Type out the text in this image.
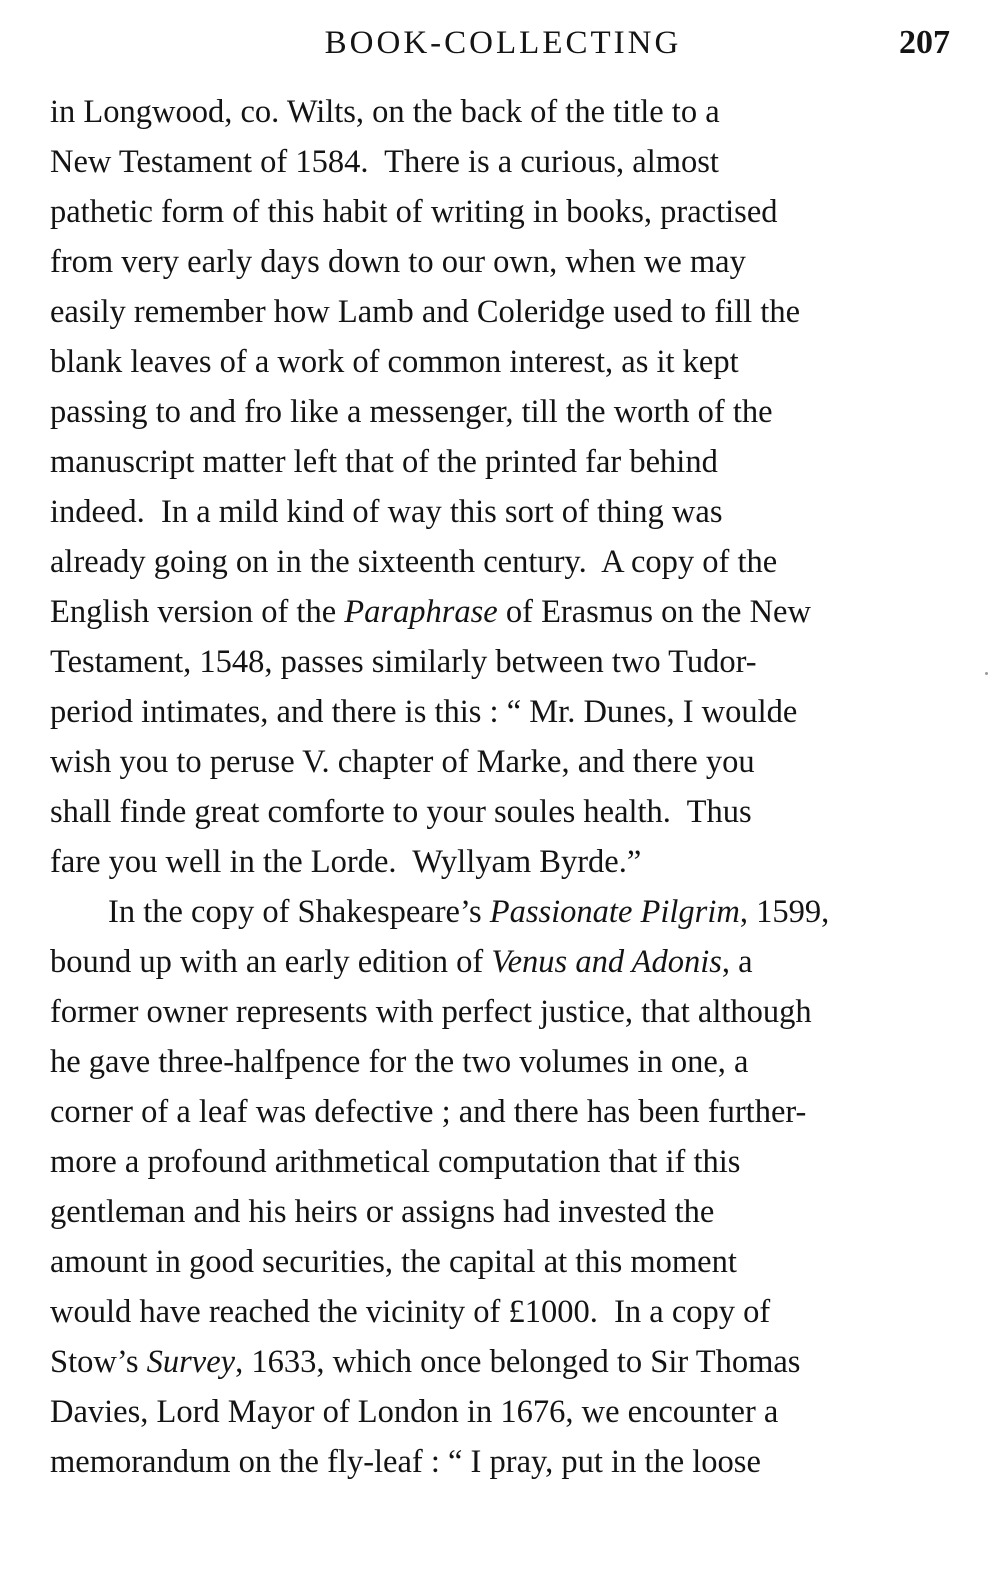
BOOK-COLLECTING	207
in Longwood, co. Wilts, on the back of the title to a
New Testament of 1584.  There is a curious, almost
pathetic form of this habit of writing in books, practised
from very early days down to our own, when we may
easily remember how Lamb and Coleridge used to fill the
blank leaves of a work of common interest, as it kept
passing to and fro like a messenger, till the worth of the
manuscript matter left that of the printed far behind
indeed.  In a mild kind of way this sort of thing was
already going on in the sixteenth century.  A copy of the
English version of the Paraphrase of Erasmus on the New
Testament, 1548, passes similarly between two Tudor-
period intimates, and there is this : “ Mr. Dunes, I woulde
wish you to peruse V. chapter of Marke, and there you
shall finde great comforte to your soules health.  Thus
fare you well in the Lorde.  Wyllyam Byrde.”
In the copy of Shakespeare’s Passionate Pilgrim, 1599,
bound up with an early edition of Venus and Adonis, a
former owner represents with perfect justice, that although
he gave three-halfpence for the two volumes in one, a
corner of a leaf was defective ; and there has been further-
more a profound arithmetical computation that if this
gentleman and his heirs or assigns had invested the
amount in good securities, the capital at this moment
would have reached the vicinity of £1000.  In a copy of
Stow’s Survey, 1633, which once belonged to Sir Thomas
Davies, Lord Mayor of London in 1676, we encounter a
memorandum on the fly-leaf : “ I pray, put in the loose
